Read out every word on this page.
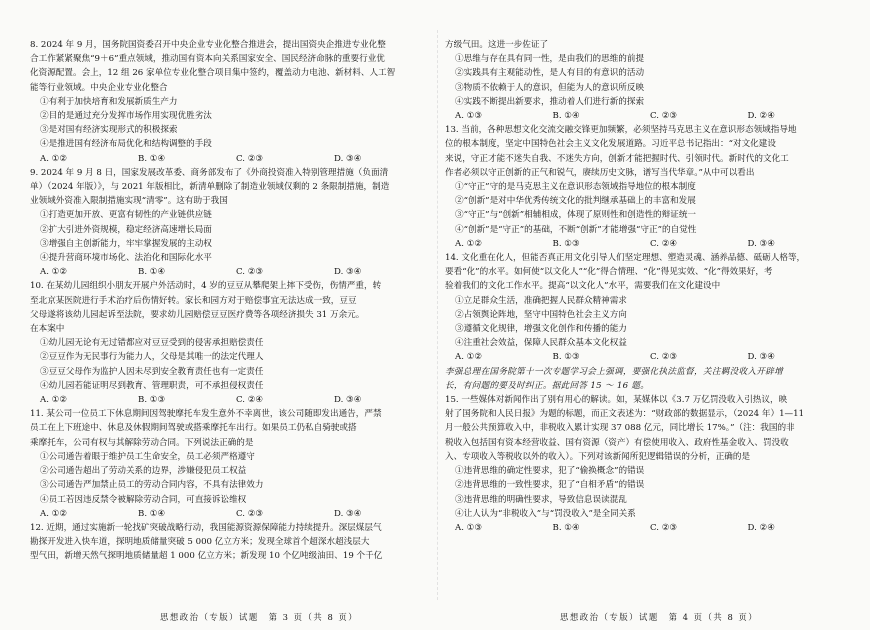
8. 2024 年 9 月，国务院国资委召开中央企业专业化整合推进会，提出国资央企推进专业化整

合工作紧紧聚焦“9＋6”重点领域，推动国有资本向关系国家安全、国民经济命脉的重要行业优

化资源配置。会上，12 组 26 家单位专业化整合项目集中签约，覆盖动力电池、新材料、人工智

能等行业领域。中央企业专业化整合

①有利于加快培育和发展新质生产力

②目的是通过充分发挥市场作用实现优胜劣汰

③是对国有经济实现形式的积极探索

④是推进国有经济布局优化和结构调整的手段

A. ①②	B. ①④	C. ②③	D. ③④

9. 2024 年 9 月 8 日，国家发展改革委、商务部发布了《外商投资准入特别管理措施（负面清

单）（2024 年版）》，与 2021 年版相比，新清单删除了制造业领域仅剩的 2 条限制措施，制造

业领域外资准入限制措施实现“清零”。这有助于我国

①打造更加开放、更富有韧性的产业链供应链

②扩大引进外资规模，稳定经济高速增长局面

③增强自主创新能力，牢牢掌握发展的主动权

④提升营商环境市场化、法治化和国际化水平

A. ①②	B. ①④	C. ②③	D. ③④

10. 在某幼儿园组织小朋友开展户外活动时，4 岁的豆豆从攀爬架上摔下受伤，伤情严重，转

至北京某医院进行手术治疗后伤情好转。家长和园方对于赔偿事宜无法达成一致，豆豆

父母遂将该幼儿园起诉至法院，要求幼儿园赔偿豆豆医疗费等各项经济损失 31 万余元。

在本案中

①幼儿园无论有无过错都应对豆豆受到的侵害承担赔偿责任

②豆豆作为无民事行为能力人，父母是其唯一的法定代理人

③豆豆父母作为监护人因未尽到安全教育责任也有一定责任

④幼儿园若能证明尽到教育、管理职责，可不承担侵权责任

A. ①②	B. ①③	C. ②④	D. ③④

11. 某公司一位员工下休息期间因驾驶摩托车发生意外不幸离世，该公司随即发出通告，严禁

员工在上下班途中、休息及休假期间驾驶或搭乘摩托车出行。如果员工仍私自骑驶或搭

乘摩托车，公司有权与其解除劳动合同。下列说法正确的是

①公司通告着眼于维护员工生命安全，员工必须严格遵守

②公司通告超出了劳动关系的边界，涉嫌侵犯员工权益

③公司通告严加禁止员工的劳动合同内容，不具有法律效力

④员工若因违反禁令被解除劳动合同，可直接诉讼维权

A. ①②	B. ①④	C. ②③	D. ③④

12. 近期，通过实施新一轮找矿突破战略行动，我国能源资源保障能力持续提升。深层煤层气

勘探开发进入快车道，探明地质储量突破 5 000 亿立方米；发现全球首个超深水超浅层大

型气田，新增天然气探明地质储量超 1 000 亿立方米；新发现 10 个亿吨级油田、19 个千亿

方级气田。这进一步佐证了

①思维与存在具有同一性，是由我们的思维的前提

②实践具有主观能动性，是人有目的有意识的活动

③物质不依赖于人的意识，但能为人的意识所反映

④实践不断提出新要求，推动着人们进行新的探索

A. ①③	B. ①④	C. ②③	D. ②④

13. 当前，各种思想文化交流交融交锋更加频繁，必须坚持马克思主义在意识形态领域指导地

位的根本制度，坚定中国特色社会主义文化发展道路。习近平总书记指出：“对文化建设

来说，守正才能不迷失自我、不迷失方向，创新才能把握时代、引领时代。新时代的文化工

作者必须以守正创新的正气和锐气，赓续历史文脉，谱写当代华章。”从中可以看出

①“守正”守的是马克思主义在意识形态领域指导地位的根本制度

②“创新”是对中华优秀传统文化的批判继承基础上的丰富和发展

③“守正”与“创新”相辅相成，体现了原则性和创造性的辩证统一

④“创新”是“守正”的基础，不断“创新”才能增强“守正”的自觉性

A. ①②	B. ①③	C. ②④	D. ③④

14. 文化重在化人，但能否真正用文化引导人们坚定理想、塑造灵魂、涵养品德、砥砺人格等，

要看“化”的水平。如何使“以文化人”“化”得合情理、“化”得见实效、“化”得效果好，考

验着我们的文化工作水平。提高“以文化人”水平，需要我们在文化建设中

①立足群众生活，准确把握人民群众精神需求

②占领舆论阵地，坚守中国特色社会主义方向

③遵循文化规律，增强文化创作和传播的能力

④注重社会效益，保障人民群众基本文化权益

A. ①②	B. ①③	C. ②③	D. ③④

李强总理在国务院第十一次专题学习会上强调，要强化执法监督，关注羁没收入开辟增

长，有问题的要及时纠正。据此回答 15 ～ 16 题。

15. 一些媒体对新闻作出了别有用心的解读。如，某媒体以《3.7 万亿罚没收入引热议，映

射了国务院和人民日报》为题的标题，而正文表述为：“财政部的数据显示，（2024 年）1—11

月一般公共预算收入中，非税收入累计实现 37 088 亿元，同比增长 17%。”（注：我国的非

税收入包括国有资本经营收益、国有资源（资产）有偿使用收入、政府性基金收入、罚没收

入、专项收入等税收以外的收入）。下列对该新闻所犯逻辑错误的分析，正确的是

①违背思维的确定性要求，犯了“偷换概念”的错误

②违背思维的一致性要求，犯了“自相矛盾”的错误

③违背思维的明确性要求，导致信息误读混乱

④让人认为“非税收入”与“罚没收入”是全同关系

A. ①③	B. ①④	C. ②③	D. ②④
思想政治（专版）试题　第 3 页（共 8 页）	思想政治（专版）试题　第 4 页（共 8 页）
